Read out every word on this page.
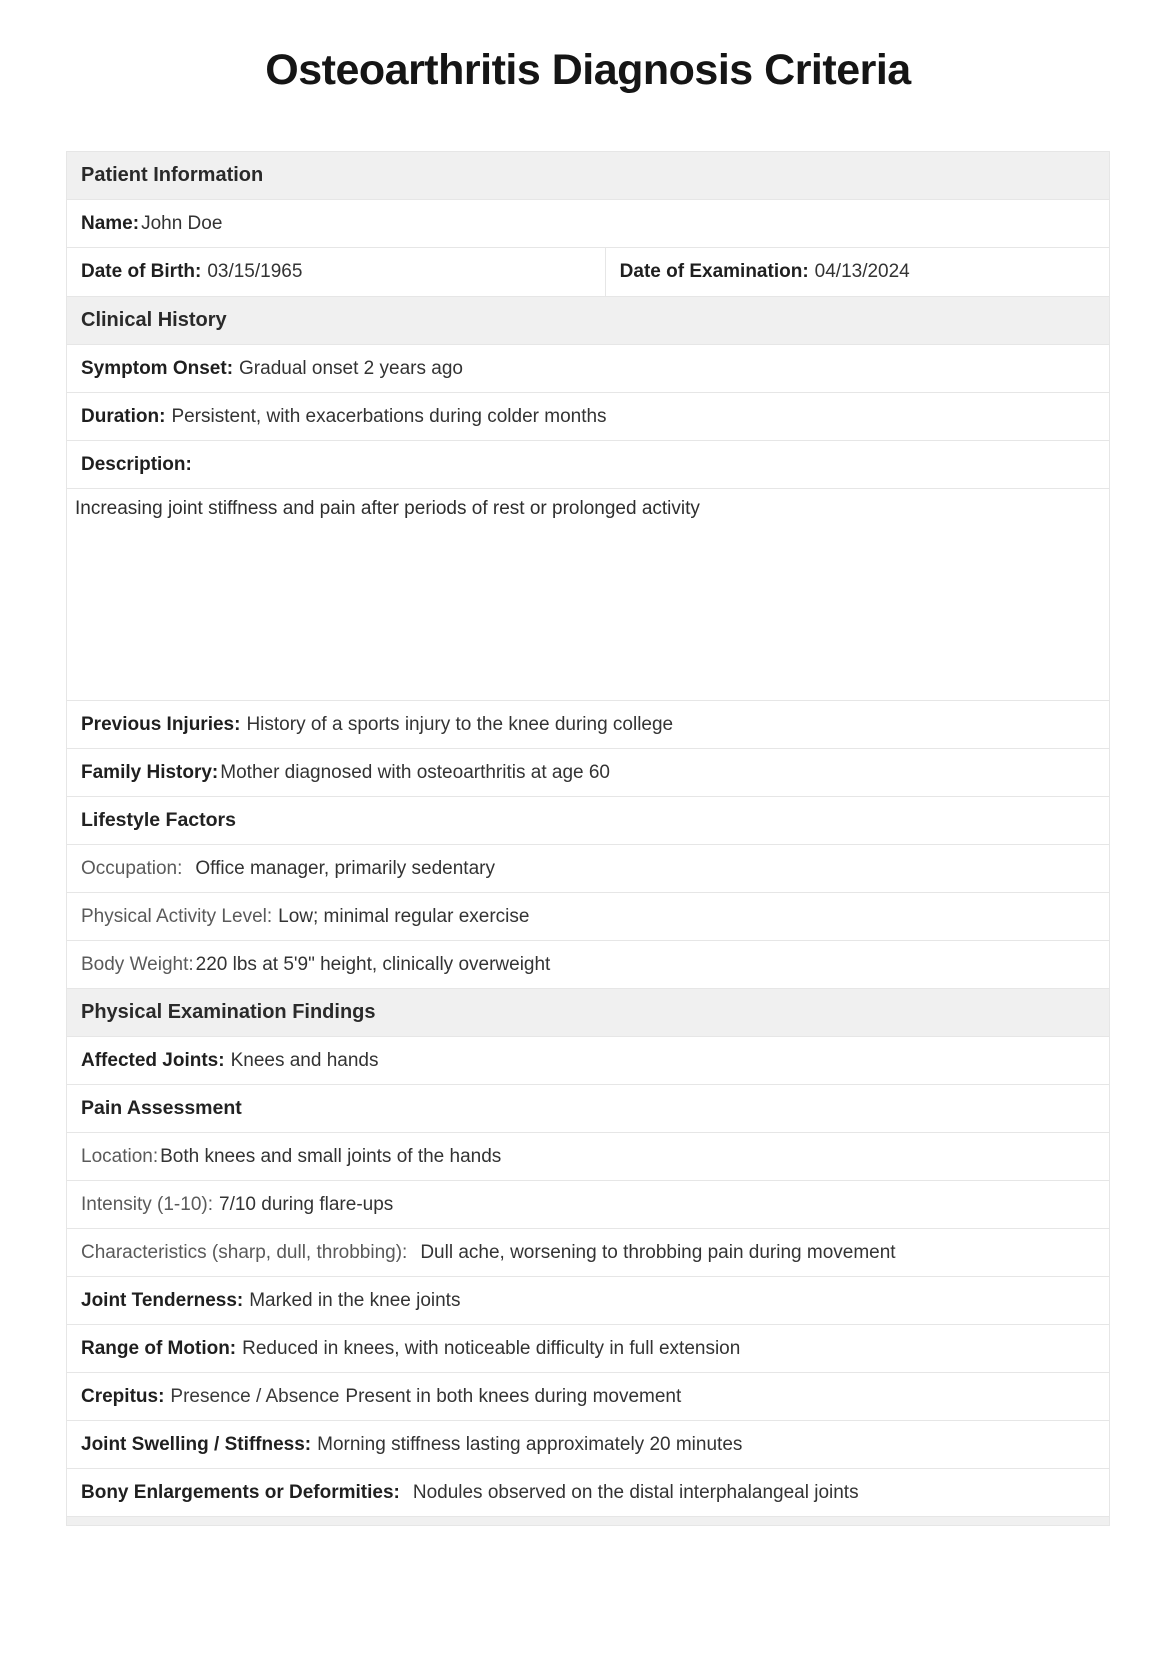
Osteoarthritis Diagnosis Criteria
Patient Information
Name: John Doe
Date of Birth: 03/15/1965	Date of Examination: 04/13/2024
Clinical History
Symptom Onset: Gradual onset 2 years ago
Duration: Persistent, with exacerbations during colder months
Description:
Increasing joint stiffness and pain after periods of rest or prolonged activity
Previous Injuries: History of a sports injury to the knee during college
Family History: Mother diagnosed with osteoarthritis at age 60
Lifestyle Factors
Occupation: Office manager, primarily sedentary
Physical Activity Level: Low; minimal regular exercise
Body Weight: 220 lbs at 5'9" height, clinically overweight
Physical Examination Findings
Affected Joints: Knees and hands
Pain Assessment
Location: Both knees and small joints of the hands
Intensity (1-10): 7/10 during flare-ups
Characteristics (sharp, dull, throbbing): Dull ache, worsening to throbbing pain during movement
Joint Tenderness: Marked in the knee joints
Range of Motion: Reduced in knees, with noticeable difficulty in full extension
Crepitus: Presence / Absence Present in both knees during movement
Joint Swelling / Stiffness: Morning stiffness lasting approximately 20 minutes
Bony Enlargements or Deformities: Nodules observed on the distal interphalangeal joints
